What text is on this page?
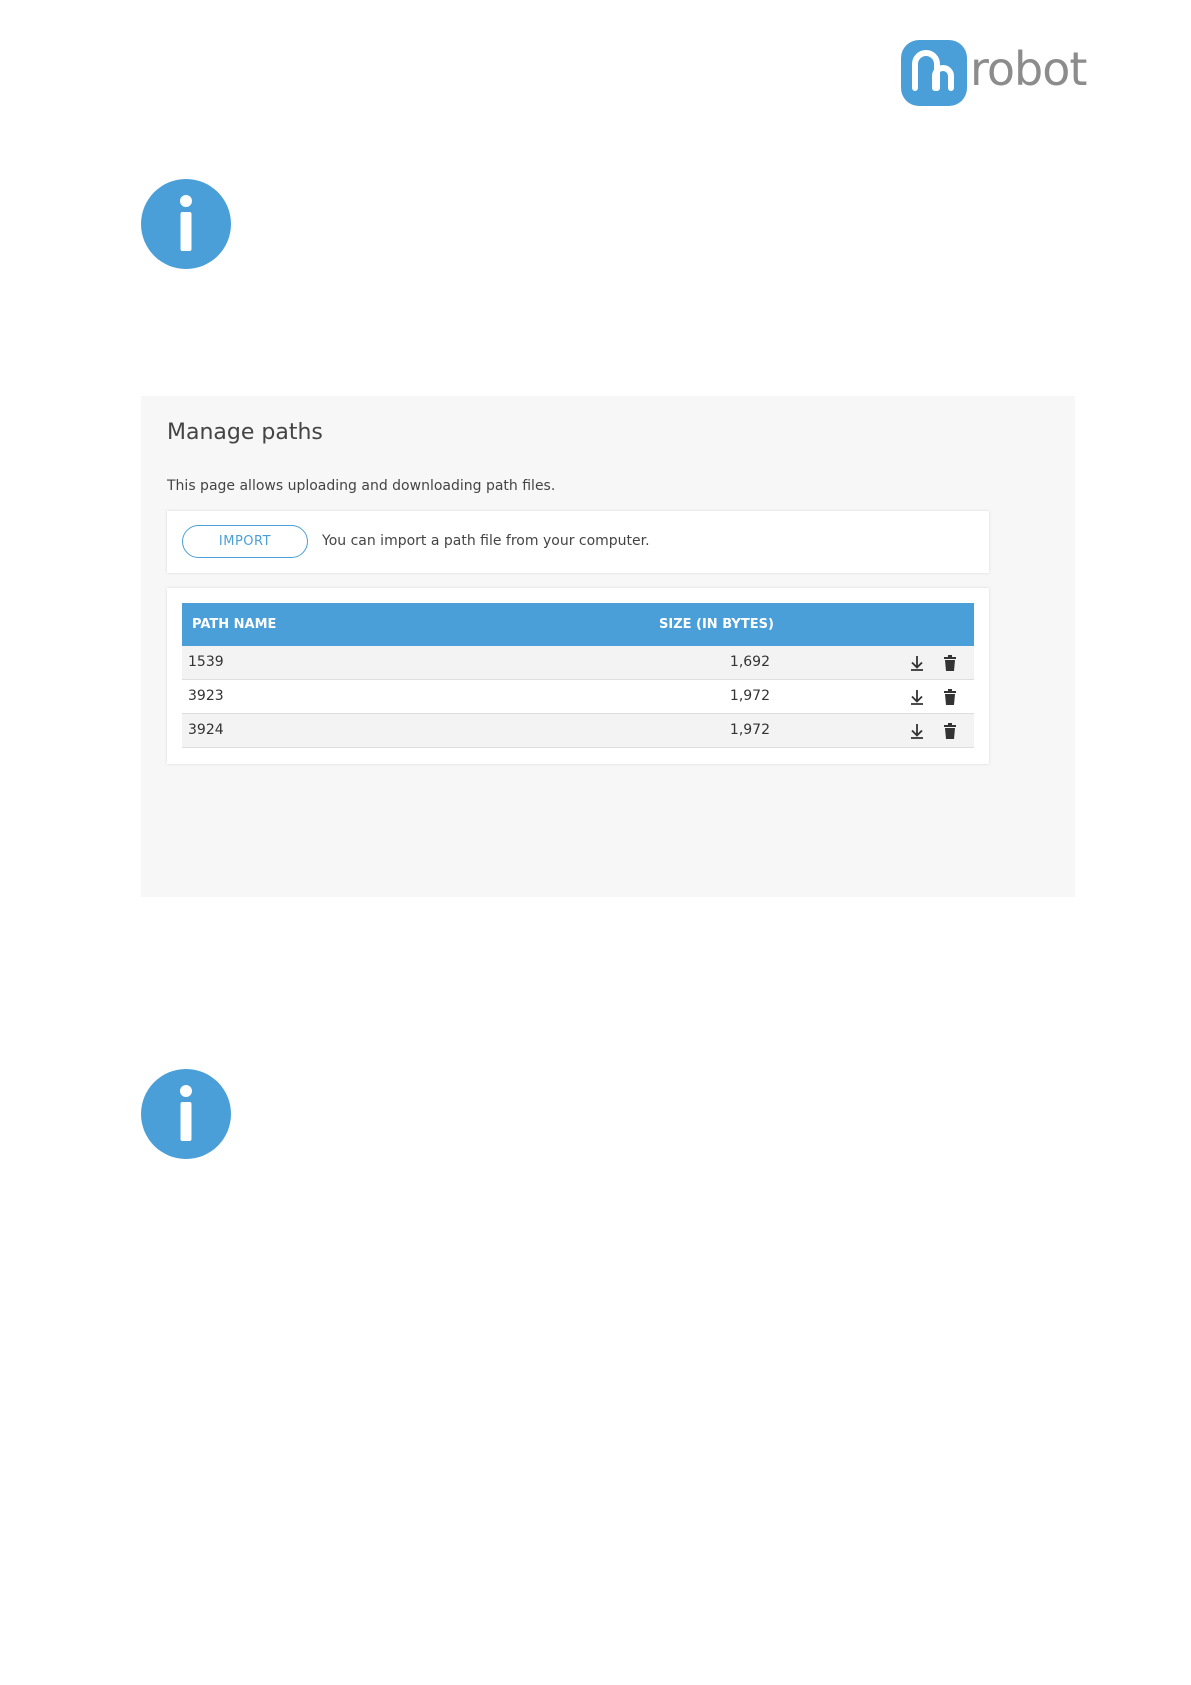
robot
Manage paths
This page allows uploading and downloading path files.
IMPORT	You can import a path file from your computer.
PATH NAME	SIZE (IN BYTES)
1539	1,692
3923	1,972
3924	1,972
